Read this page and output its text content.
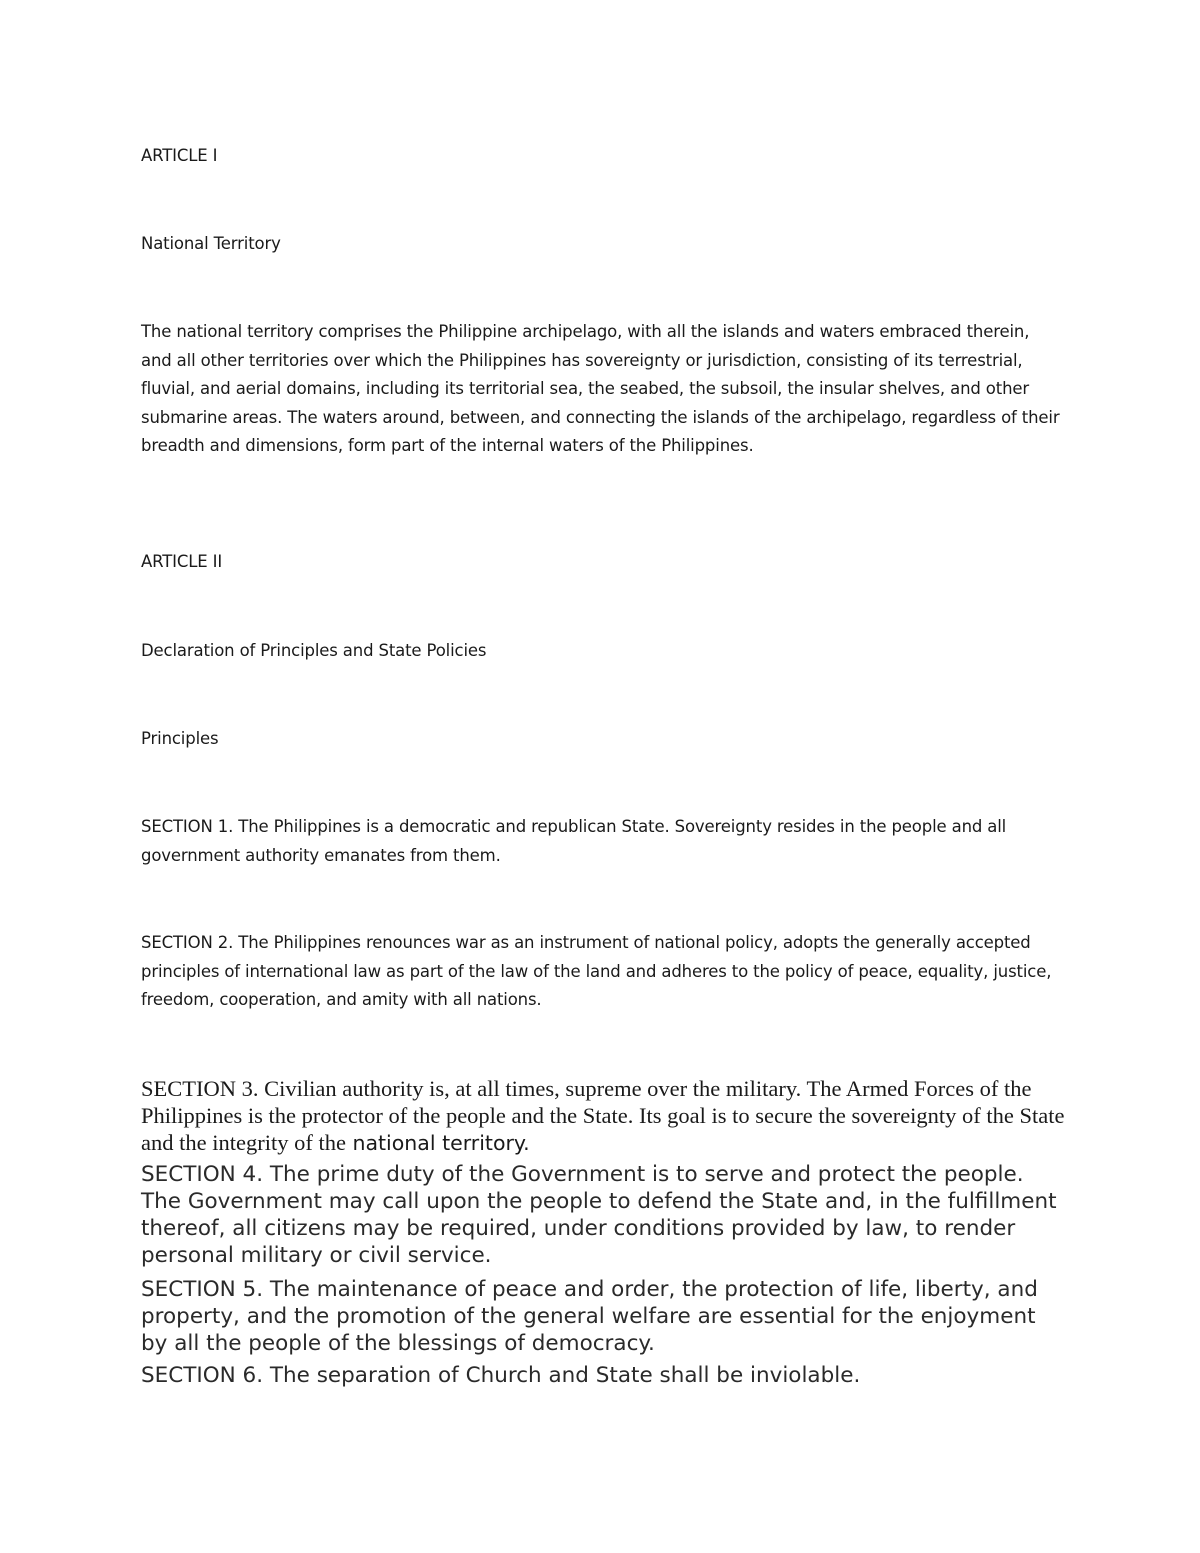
ARTICLE I

National Territory

The national territory comprises the Philippine archipelago, with all the islands and waters embraced therein, and all other territories over which the Philippines has sovereignty or jurisdiction, consisting of its terrestrial, fluvial, and aerial domains, including its territorial sea, the seabed, the subsoil, the insular shelves, and other submarine areas. The waters around, between, and connecting the islands of the archipelago, regardless of their breadth and dimensions, form part of the internal waters of the Philippines.

ARTICLE II

Declaration of Principles and State Policies

Principles

SECTION 1. The Philippines is a democratic and republican State. Sovereignty resides in the people and all government authority emanates from them.

SECTION 2. The Philippines renounces war as an instrument of national policy, adopts the generally accepted principles of international law as part of the law of the land and adheres to the policy of peace, equality, justice, freedom, cooperation, and amity with all nations.

SECTION 3. Civilian authority is, at all times, supreme over the military. The Armed Forces of the Philippines is the protector of the people and the State. Its goal is to secure the sovereignty of the State and the integrity of the national territory.

SECTION 4. The prime duty of the Government is to serve and protect the people. The Government may call upon the people to defend the State and, in the fulfillment thereof, all citizens may be required, under conditions provided by law, to render personal military or civil service.

SECTION 5. The maintenance of peace and order, the protection of life, liberty, and property, and the promotion of the general welfare are essential for the enjoyment by all the people of the blessings of democracy.

SECTION 6. The separation of Church and State shall be inviolable.
